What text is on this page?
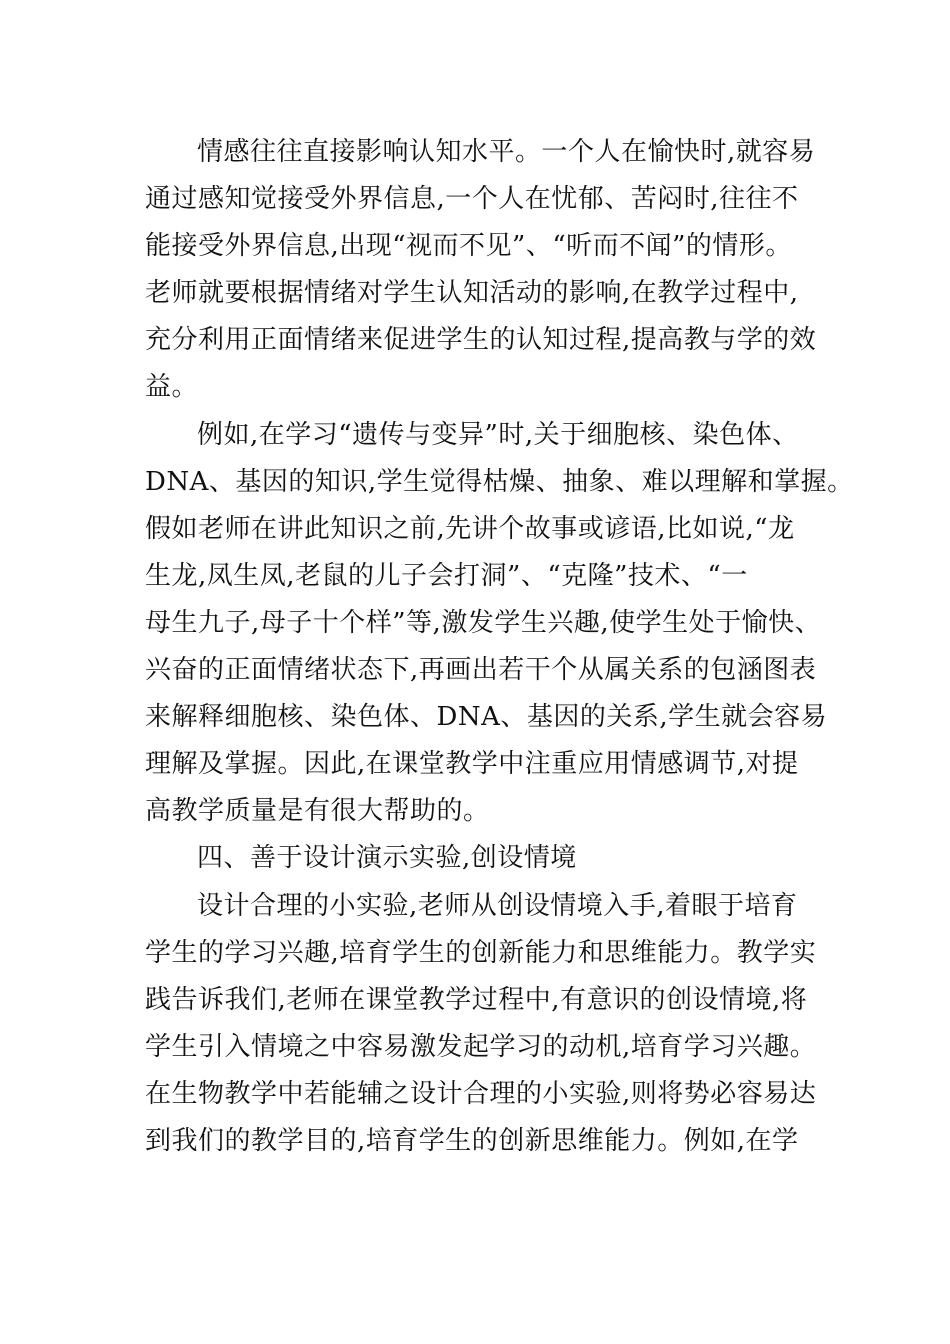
情感往往直接影响认知水平。一个人在愉快时,就容易
通过感知觉接受外界信息,一个人在忧郁、苦闷时,往往不
能接受外界信息,出现“视而不见”、“听而不闻”的情形。
老师就要根据情绪对学生认知活动的影响,在教学过程中,
充分利用正面情绪来促进学生的认知过程,提高教与学的效
益。
例如,在学习“遗传与变异”时,关于细胞核、染色体、
DNA、基因的知识,学生觉得枯燥、抽象、难以理解和掌握。
假如老师在讲此知识之前,先讲个故事或谚语,比如说,“龙
生龙,凤生凤,老鼠的儿子会打洞”、“克隆”技术、“一
母生九子,母子十个样”等,激发学生兴趣,使学生处于愉快、
兴奋的正面情绪状态下,再画出若干个从属关系的包涵图表
来解释细胞核、染色体、DNA、基因的关系,学生就会容易
理解及掌握。因此,在课堂教学中注重应用情感调节,对提
高教学质量是有很大帮助的。
四、善于设计演示实验,创设情境
设计合理的小实验,老师从创设情境入手,着眼于培育
学生的学习兴趣,培育学生的创新能力和思维能力。教学实
践告诉我们,老师在课堂教学过程中,有意识的创设情境,将
学生引入情境之中容易激发起学习的动机,培育学习兴趣。
在生物教学中若能辅之设计合理的小实验,则将势必容易达
到我们的教学目的,培育学生的创新思维能力。例如,在学
